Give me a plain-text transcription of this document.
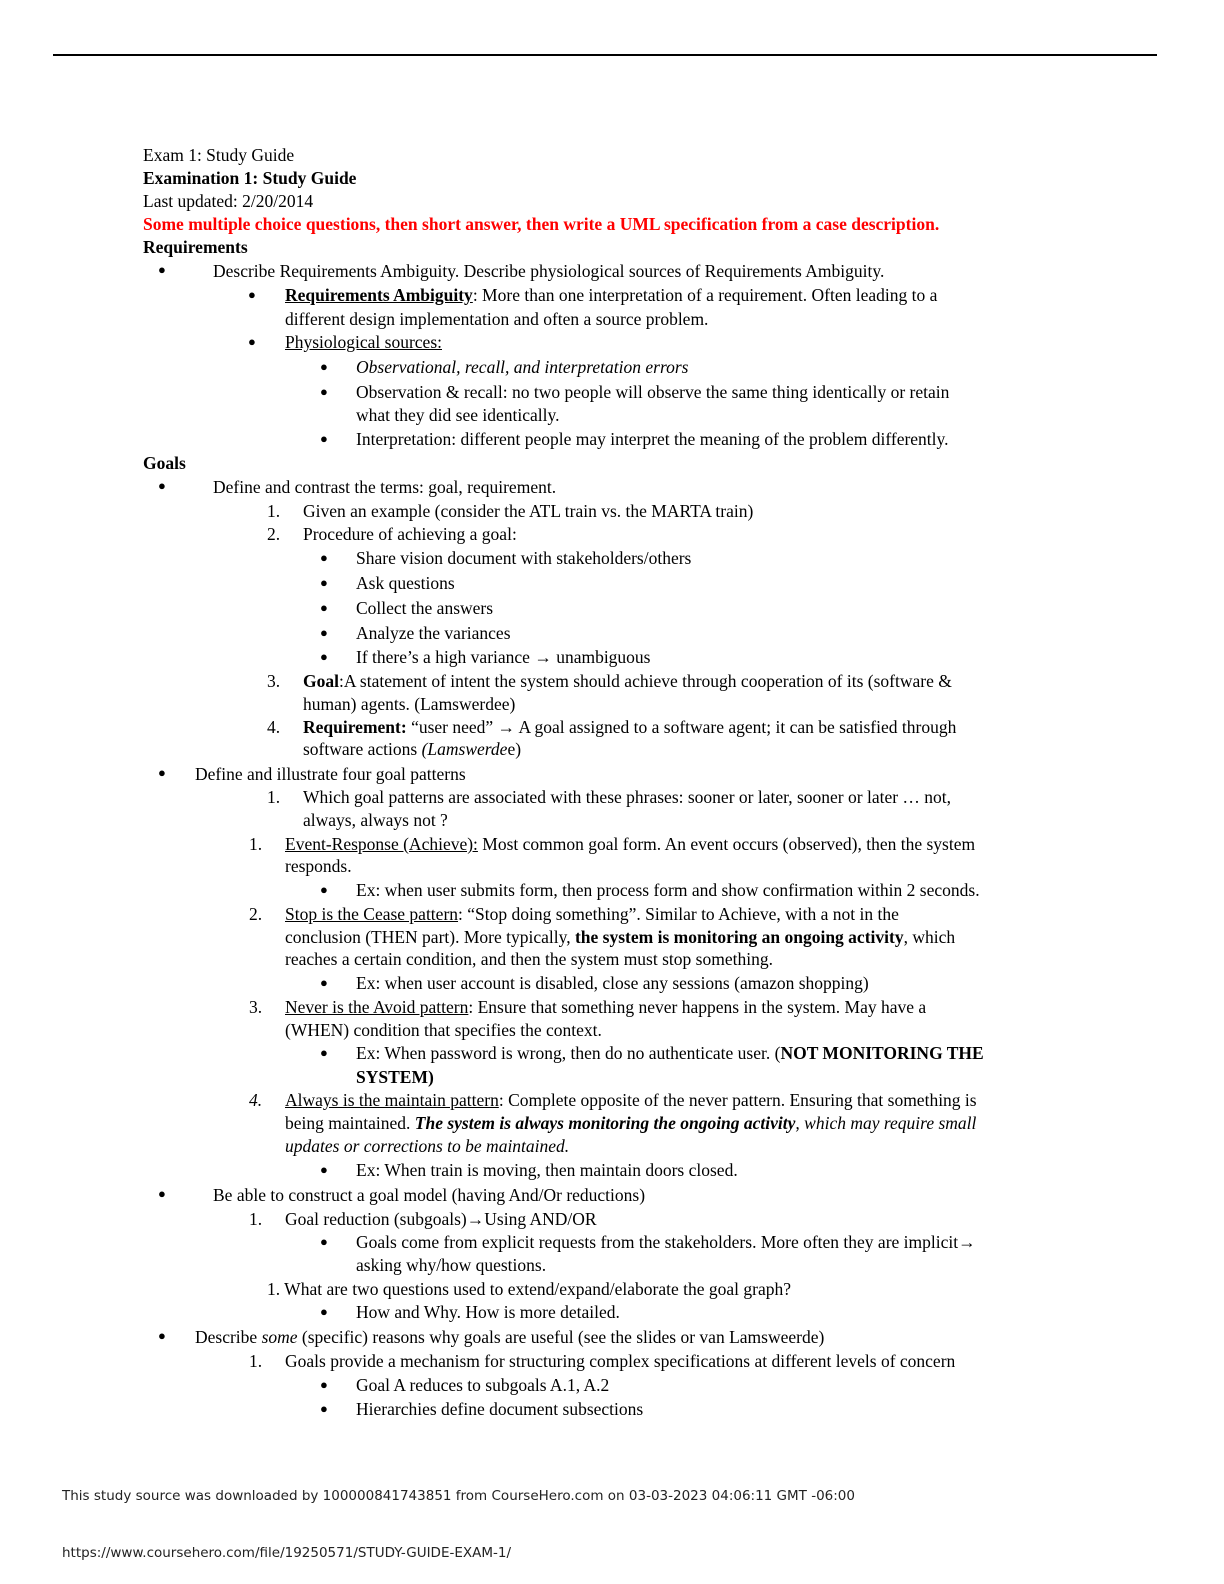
Exam 1: Study Guide
Examination 1: Study Guide
Last updated: 2/20/2014
Some multiple choice questions, then short answer, then write a UML specification from a case description.
Requirements
●	Describe Requirements Ambiguity. Describe physiological sources of Requirements Ambiguity.
● Requirements Ambiguity: More than one interpretation of a requirement. Often leading to a
different design implementation and often a source problem.
● Physiological sources:
● Observational, recall, and interpretation errors
● Observation & recall: no two people will observe the same thing identically or retain
what they did see identically.
● Interpretation: different people may interpret the meaning of the problem differently.
Goals
●	Define and contrast the terms: goal, requirement.
1. Given an example (consider the ATL train vs. the MARTA train)
2. Procedure of achieving a goal:
● Share vision document with stakeholders/others
● Ask questions
● Collect the answers
● Analyze the variances
● If there’s a high variance → unambiguous
3. Goal:A statement of intent the system should achieve through cooperation of its (software &
human) agents. (Lamswerdee)
4. Requirement: “user need” → A goal assigned to a software agent; it can be satisfied through
software actions (Lamswerdee)
● Define and illustrate four goal patterns
1. Which goal patterns are associated with these phrases: sooner or later, sooner or later … not,
always, always not ?
1. Event-Response (Achieve): Most common goal form. An event occurs (observed), then the system
responds.
● Ex: when user submits form, then process form and show confirmation within 2 seconds.
2. Stop is the Cease pattern: “Stop doing something”. Similar to Achieve, with a not in the
conclusion (THEN part). More typically, the system is monitoring an ongoing activity, which
reaches a certain condition, and then the system must stop something.
● Ex: when user account is disabled, close any sessions (amazon shopping)
3. Never is the Avoid pattern: Ensure that something never happens in the system. May have a
(WHEN) condition that specifies the context.
● Ex: When password is wrong, then do no authenticate user. (NOT MONITORING THE
SYSTEM)
4. Always is the maintain pattern: Complete opposite of the never pattern. Ensuring that something is
being maintained. The system is always monitoring the ongoing activity, which may require small
updates or corrections to be maintained.
● Ex: When train is moving, then maintain doors closed.
●	Be able to construct a goal model (having And/Or reductions)
1. Goal reduction (subgoals)→Using AND/OR
● Goals come from explicit requests from the stakeholders. More often they are implicit→
asking why/how questions.
1. What are two questions used to extend/expand/elaborate the goal graph?
● How and Why. How is more detailed.
● Describe some (specific) reasons why goals are useful (see the slides or van Lamsweerde)
1. Goals provide a mechanism for structuring complex specifications at different levels of concern
● Goal A reduces to subgoals A.1, A.2
● Hierarchies define document subsections
This study source was downloaded by 100000841743851 from CourseHero.com on 03-03-2023 04:06:11 GMT -06:00
https://www.coursehero.com/file/19250571/STUDY-GUIDE-EXAM-1/
